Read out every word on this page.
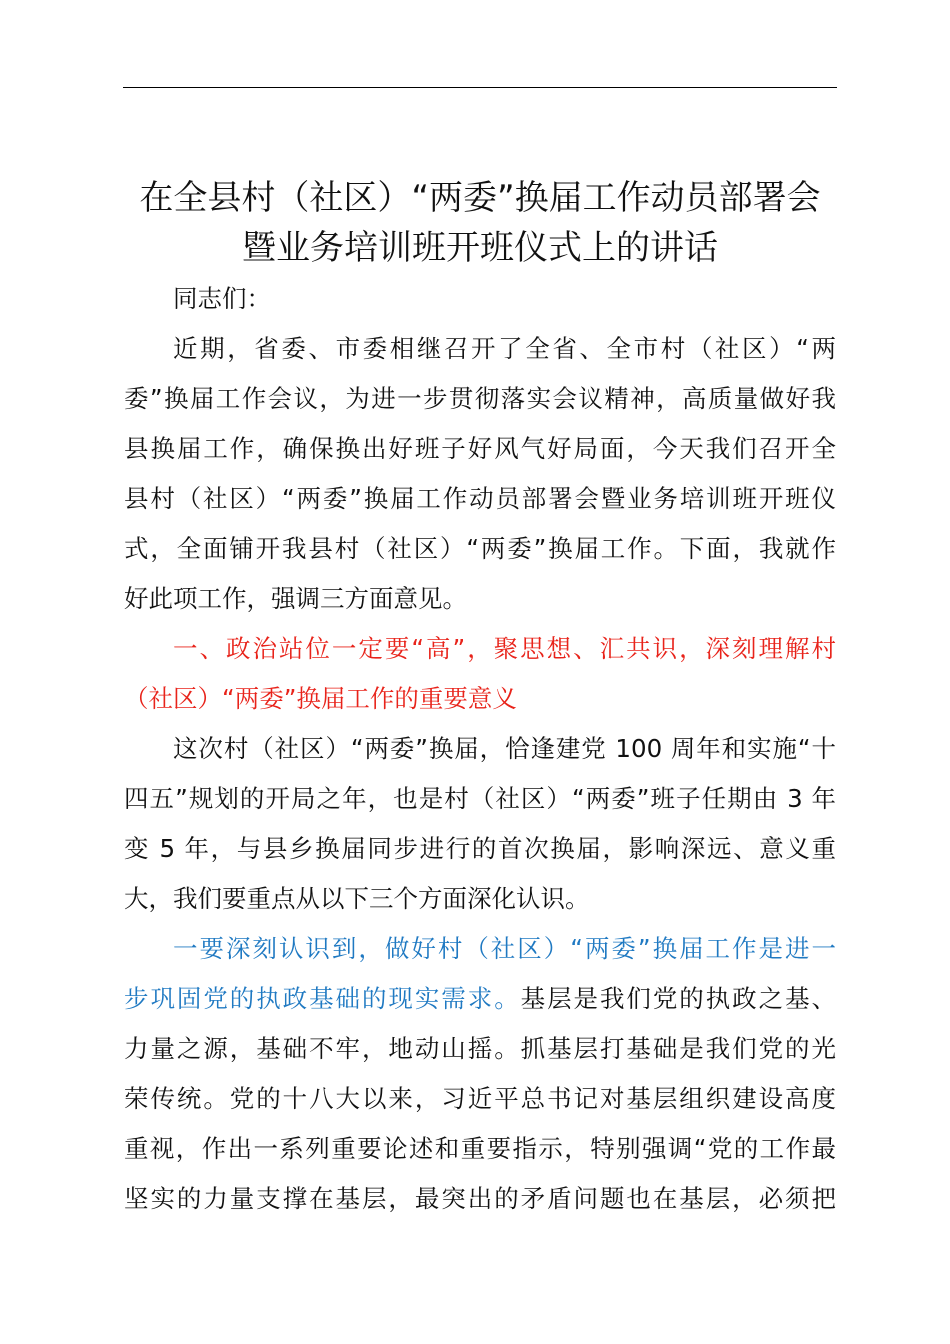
在全县村（社区）“两委”换届工作动员部署会
暨业务培训班开班仪式上的讲话
同志们：
近期，省委、市委相继召开了全省、全市村（社区）“两
委”换届工作会议，为进一步贯彻落实会议精神，高质量做好我
县换届工作，确保换出好班子好风气好局面，今天我们召开全
县村（社区）“两委”换届工作动员部署会暨业务培训班开班仪
式，全面铺开我县村（社区）“两委”换届工作。下面，我就作
好此项工作，强调三方面意见。
一、政治站位一定要“高”，聚思想、汇共识，深刻理解村
（社区）“两委”换届工作的重要意义
这次村（社区）“两委”换届，恰逢建党 100 周年和实施“十
四五”规划的开局之年，也是村（社区）“两委”班子任期由 3 年
变 5 年，与县乡换届同步进行的首次换届，影响深远、意义重
大，我们要重点从以下三个方面深化认识。
一要深刻认识到，做好村（社区）“两委”换届工作是进一
步巩固党的执政基础的现实需求。基层是我们党的执政之基、
力量之源，基础不牢，地动山摇。抓基层打基础是我们党的光
荣传统。党的十八大以来，习近平总书记对基层组织建设高度
重视，作出一系列重要论述和重要指示，特别强调“党的工作最
坚实的力量支撑在基层，最突出的矛盾问题也在基层，必须把
